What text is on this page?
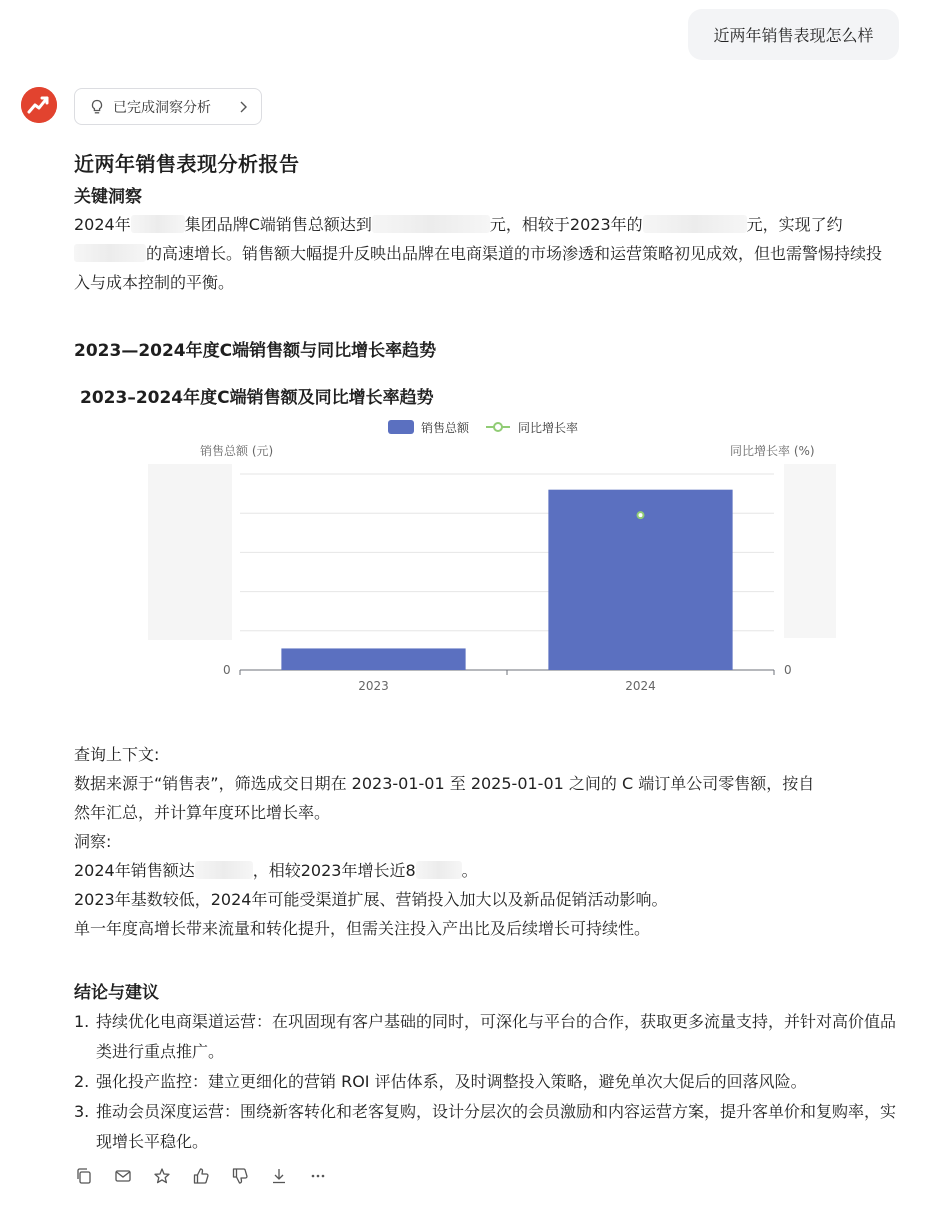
近两年销售表现怎么样
已完成洞察分析
近两年销售表现分析报告
关键洞察
2024年	集团品牌C端销售总额达到	元，相较于2023年的	元，实现了约
的高速增长。销售额大幅提升反映出品牌在电商渠道的市场渗透和运营策略初见成效，但也需警惕持续投入与成本控制的平衡。
2023—2024年度C端销售额与同比增长率趋势
2023–2024年度C端销售额及同比增长率趋势
销售总额	同比增长率
销售总额 (元)	同比增长率 (%)
0	0
2023	2024
查询上下文:
数据来源于“销售表”，筛选成交日期在 2023-01-01 至 2025-01-01 之间的 C 端订单公司零售额，按自
然年汇总，并计算年度环比增长率。
洞察:
2024年销售额达	，相较2023年增长近8	。
2023年基数较低，2024年可能受渠道扩展、营销投入加大以及新品促销活动影响。
单一年度高增长带来流量和转化提升，但需关注投入产出比及后续增长可持续性。
结论与建议
1. 持续优化电商渠道运营：在巩固现有客户基础的同时，可深化与平台的合作，获取更多流量支持，并针对高价值品类进行重点推广。
2. 强化投产监控：建立更细化的营销 ROI 评估体系，及时调整投入策略，避免单次大促后的回落风险。
3. 推动会员深度运营：围绕新客转化和老客复购，设计分层次的会员激励和内容运营方案，提升客单价和复购率，实现增长平稳化。
